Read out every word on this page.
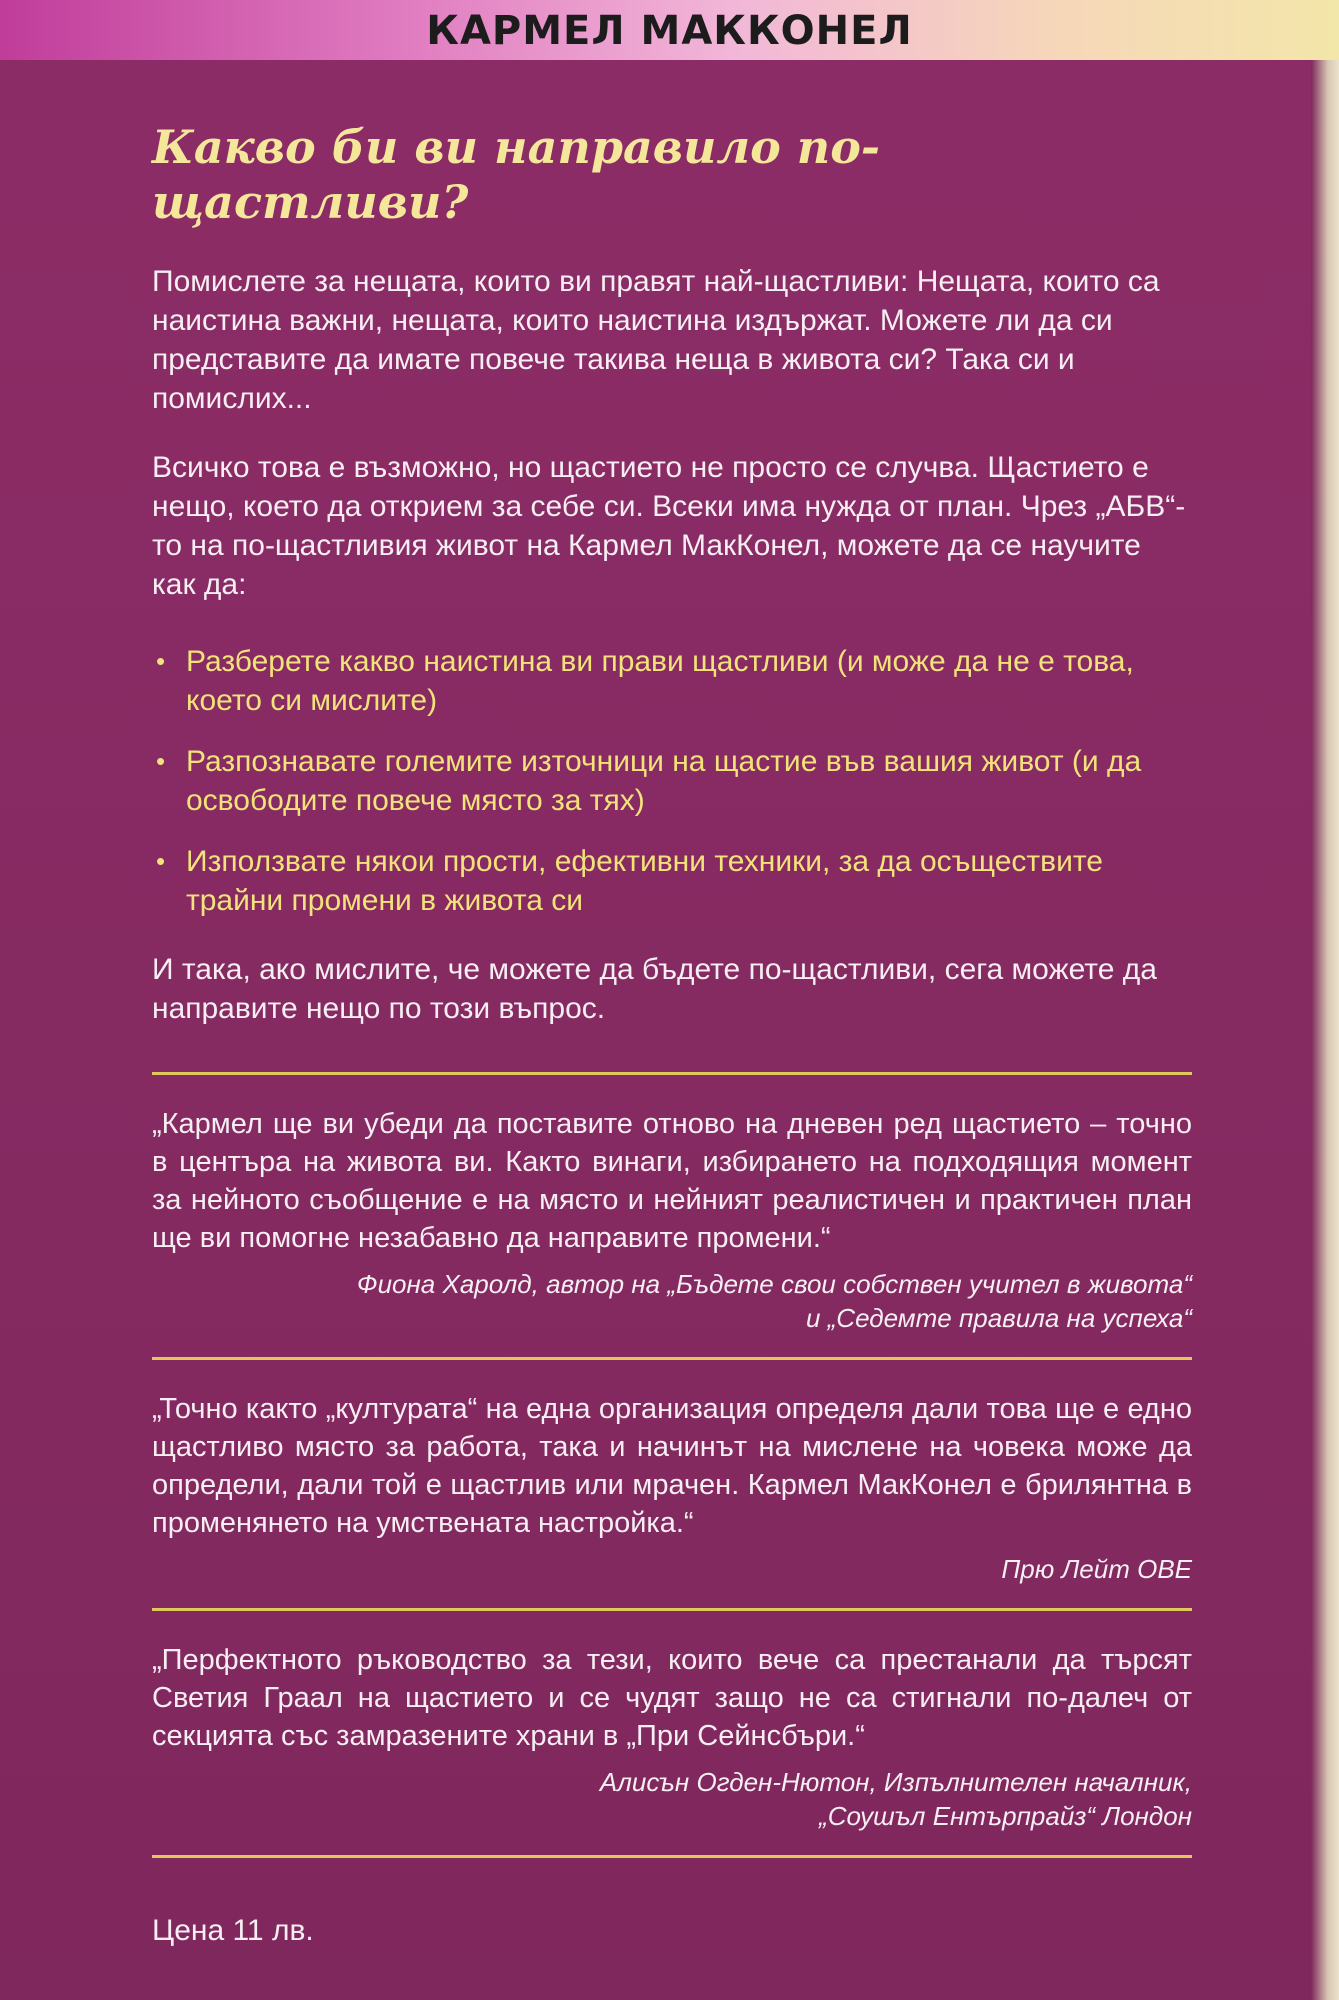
КАРМЕЛ МАККОНЕЛ
Какво би ви направило по-щастливи?

Помислете за нещата, които ви правят най-щастливи: Нещата, които са наистина важни, нещата, които наистина издържат. Можете ли да си представите да имате повече такива неща в живота си? Така си и помислих...

Всичко това е възможно, но щастието не просто се случва. Щастието е нещо, което да открием за себе си. Всеки има нужда от план. Чрез „АБВ“-то на по-щастливия живот на Кармел МакКонел, можете да се научите как да:

• Разберете какво наистина ви прави щастливи (и може да не е това, което си мислите)
• Разпознавате големите източници на щастие във вашия живот (и да освободите повече място за тях)
• Използвате някои прости, ефективни техники, за да осъществите трайни промени в живота си

И така, ако мислите, че можете да бъдете по-щастливи, сега можете да направите нещо по този въпрос.

„Кармел ще ви убеди да поставите отново на дневен ред щастието – точно в центъра на живота ви. Както винаги, избирането на подходящия момент за нейното съобщение е на място и нейният реалистичен и практичен план ще ви помогне незабавно да направите промени.“

Фиона Харолд, автор на „Бъдете свои собствен учител в живота“
и „Седемте правила на успеха“

„Точно както „културата“ на една организация определя дали това ще е едно щастливо място за работа, така и начинът на мислене на човека може да определи, дали той е щастлив или мрачен. Кармел МакКонел е брилянтна в променянето на умствената настройка.“

Прю Лейт ОВЕ

„Перфектното ръководство за тези, които вече са престанали да търсят Светия Граал на щастието и се чудят защо не са стигнали по-далеч от секцията със замразените храни в „При Сейнсбъри.“

Алисън Огден-Нютон, Изпълнителен началник,
„Соушъл Ентърпрайз“ Лондон

Цена 11 лв.
